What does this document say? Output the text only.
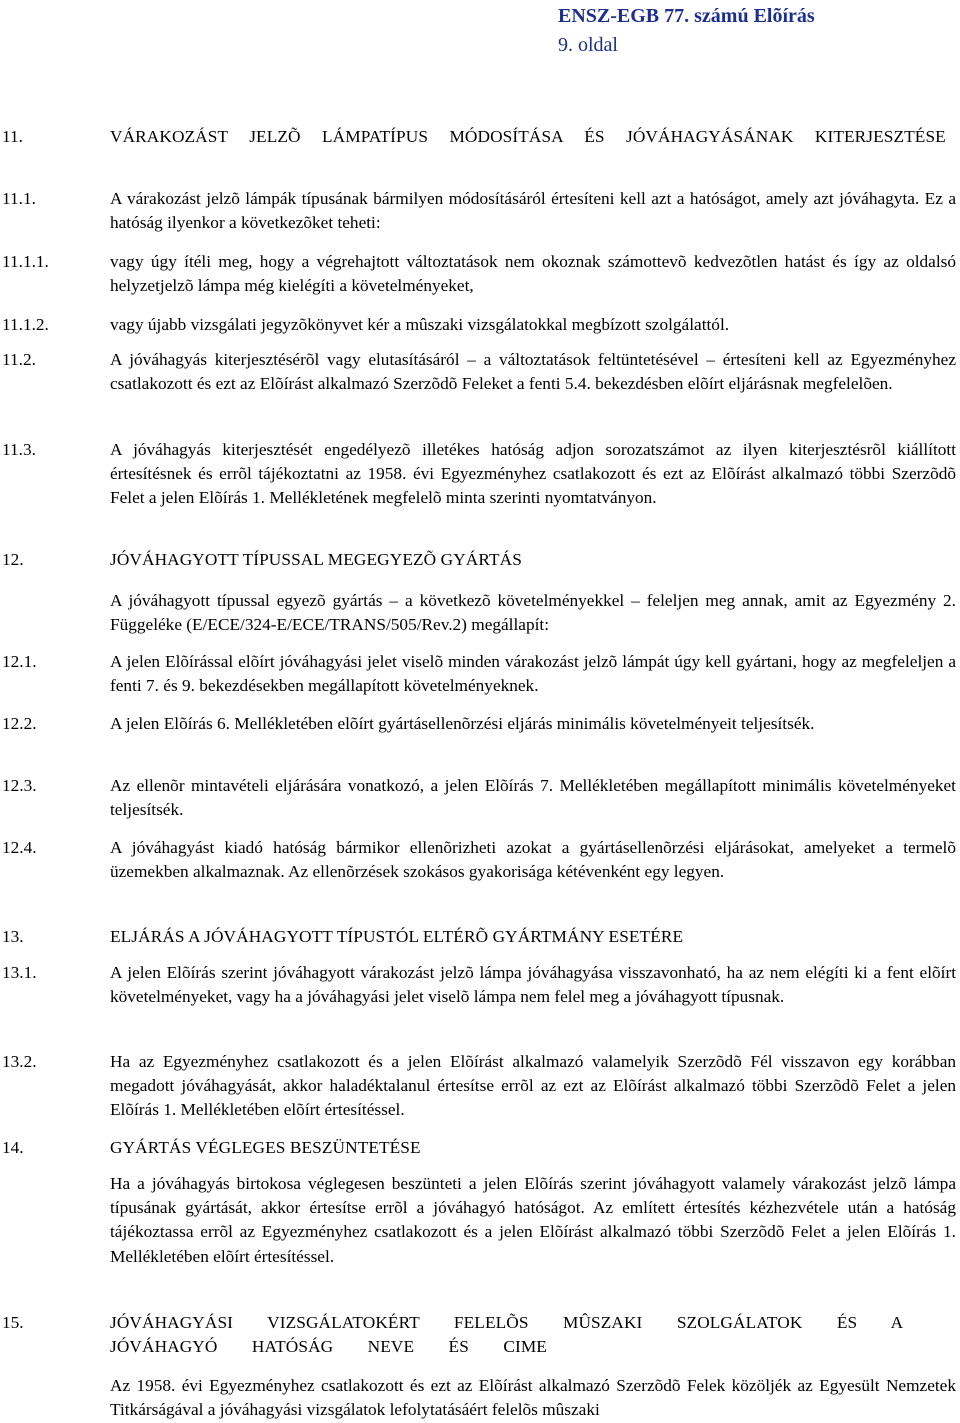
ENSZ-EGB 77. számú Elõírás
9. oldal
11.	VÁRAKOZÁST JELZÕ LÁMPATÍPUS MÓDOSÍTÁSA ÉS JÓVÁHAGYÁSÁNAK KITERJESZTÉSE
11.1.	A várakozást jelzõ lámpák típusának bármilyen módosításáról értesíteni kell azt a hatóságot, amely azt jóváhagyta. Ez a hatóság ilyenkor a következõket teheti:
11.1.1.	vagy úgy ítéli meg, hogy a végrehajtott változtatások nem okoznak számottevõ kedvezõtlen hatást és így az oldalsó helyzetjelzõ lámpa még kielégíti a követelményeket,
11.1.2.	vagy újabb vizsgálati jegyzõkönyvet kér a mûszaki vizsgálatokkal megbízott szolgálattól.
11.2.	A jóváhagyás kiterjesztésérõl vagy elutasításáról – a változtatások feltüntetésével – értesíteni kell az Egyezményhez csatlakozott és ezt az Elõírást alkalmazó Szerzõdõ Feleket a fenti 5.4. bekezdésben elõírt eljárásnak megfelelõen.
11.3.	A jóváhagyás kiterjesztését engedélyezõ illetékes hatóság adjon sorozatszámot az ilyen kiterjesztésrõl kiállított értesítésnek és errõl tájékoztatni az 1958. évi Egyezményhez csatlakozott és ezt az Elõírást alkalmazó többi Szerzõdõ Felet a jelen Elõírás 1. Mellékletének megfelelõ minta szerinti nyomtatványon.
12.	JÓVÁHAGYOTT TÍPUSSAL MEGEGYEZÕ GYÁRTÁS
A jóváhagyott típussal egyezõ gyártás – a következõ követelményekkel – feleljen meg annak, amit az Egyezmény 2. Függeléke (E/ECE/324-E/ECE/TRANS/505/Rev.2) megállapít:
12.1.	A jelen Elõírással elõírt jóváhagyási jelet viselõ minden várakozást jelzõ lámpát úgy kell gyártani, hogy az megfeleljen a fenti 7. és 9. bekezdésekben megállapított követelményeknek.
12.2.	A jelen Elõírás 6. Mellékletében elõírt gyártásellenõrzési eljárás minimális követelményeit teljesítsék.
12.3.	Az ellenõr mintavételi eljárására vonatkozó, a jelen Elõírás 7. Mellékletében megállapított minimális követelményeket teljesítsék.
12.4.	A jóváhagyást kiadó hatóság bármikor ellenõrizheti azokat a gyártásellenõrzési eljárásokat, amelyeket a termelõ üzemekben alkalmaznak. Az ellenõrzések szokásos gyakorisága kétévenként egy legyen.
13.	ELJÁRÁS A JÓVÁHAGYOTT TÍPUSTÓL ELTÉRÕ GYÁRTMÁNY ESETÉRE
13.1.	A jelen Elõírás szerint jóváhagyott várakozást jelzõ lámpa jóváhagyása visszavonható, ha az nem elégíti ki a fent elõírt követelményeket, vagy ha a jóváhagyási jelet viselõ lámpa nem felel meg a jóváhagyott típusnak.
13.2.	Ha az Egyezményhez csatlakozott és a jelen Elõírást alkalmazó valamelyik Szerzõdõ Fél visszavon egy korábban megadott jóváhagyását, akkor haladéktalanul értesítse errõl az ezt az Elõírást alkalmazó többi Szerzõdõ Felet a jelen Elõírás 1. Mellékletében elõírt értesítéssel.
14.	GYÁRTÁS VÉGLEGES BESZÜNTETÉSE
Ha a jóváhagyás birtokosa véglegesen beszünteti a jelen Elõírás szerint jóváhagyott valamely várakozást jelzõ lámpa típusának gyártását, akkor értesítse errõl a jóváhagyó hatóságot. Az említett értesítés kézhezvétele után a hatóság tájékoztassa errõl az Egyezményhez csatlakozott és a jelen Elõírást alkalmazó többi Szerzõdõ Felet a jelen Elõírás 1. Mellékletében elõírt értesítéssel.
15.	JÓVÁHAGYÁSI VIZSGÁLATOKÉRT FELELÕS MÛSZAKI SZOLGÁLATOK ÉS A JÓVÁHAGYÓ HATÓSÁG NEVE ÉS CIME
Az 1958. évi Egyezményhez csatlakozott és ezt az Elõírást alkalmazó Szerzõdõ Felek közöljék az Egyesült Nemzetek Titkárságával a jóváhagyási vizsgálatok lefolytatásáért felelõs mûszaki
